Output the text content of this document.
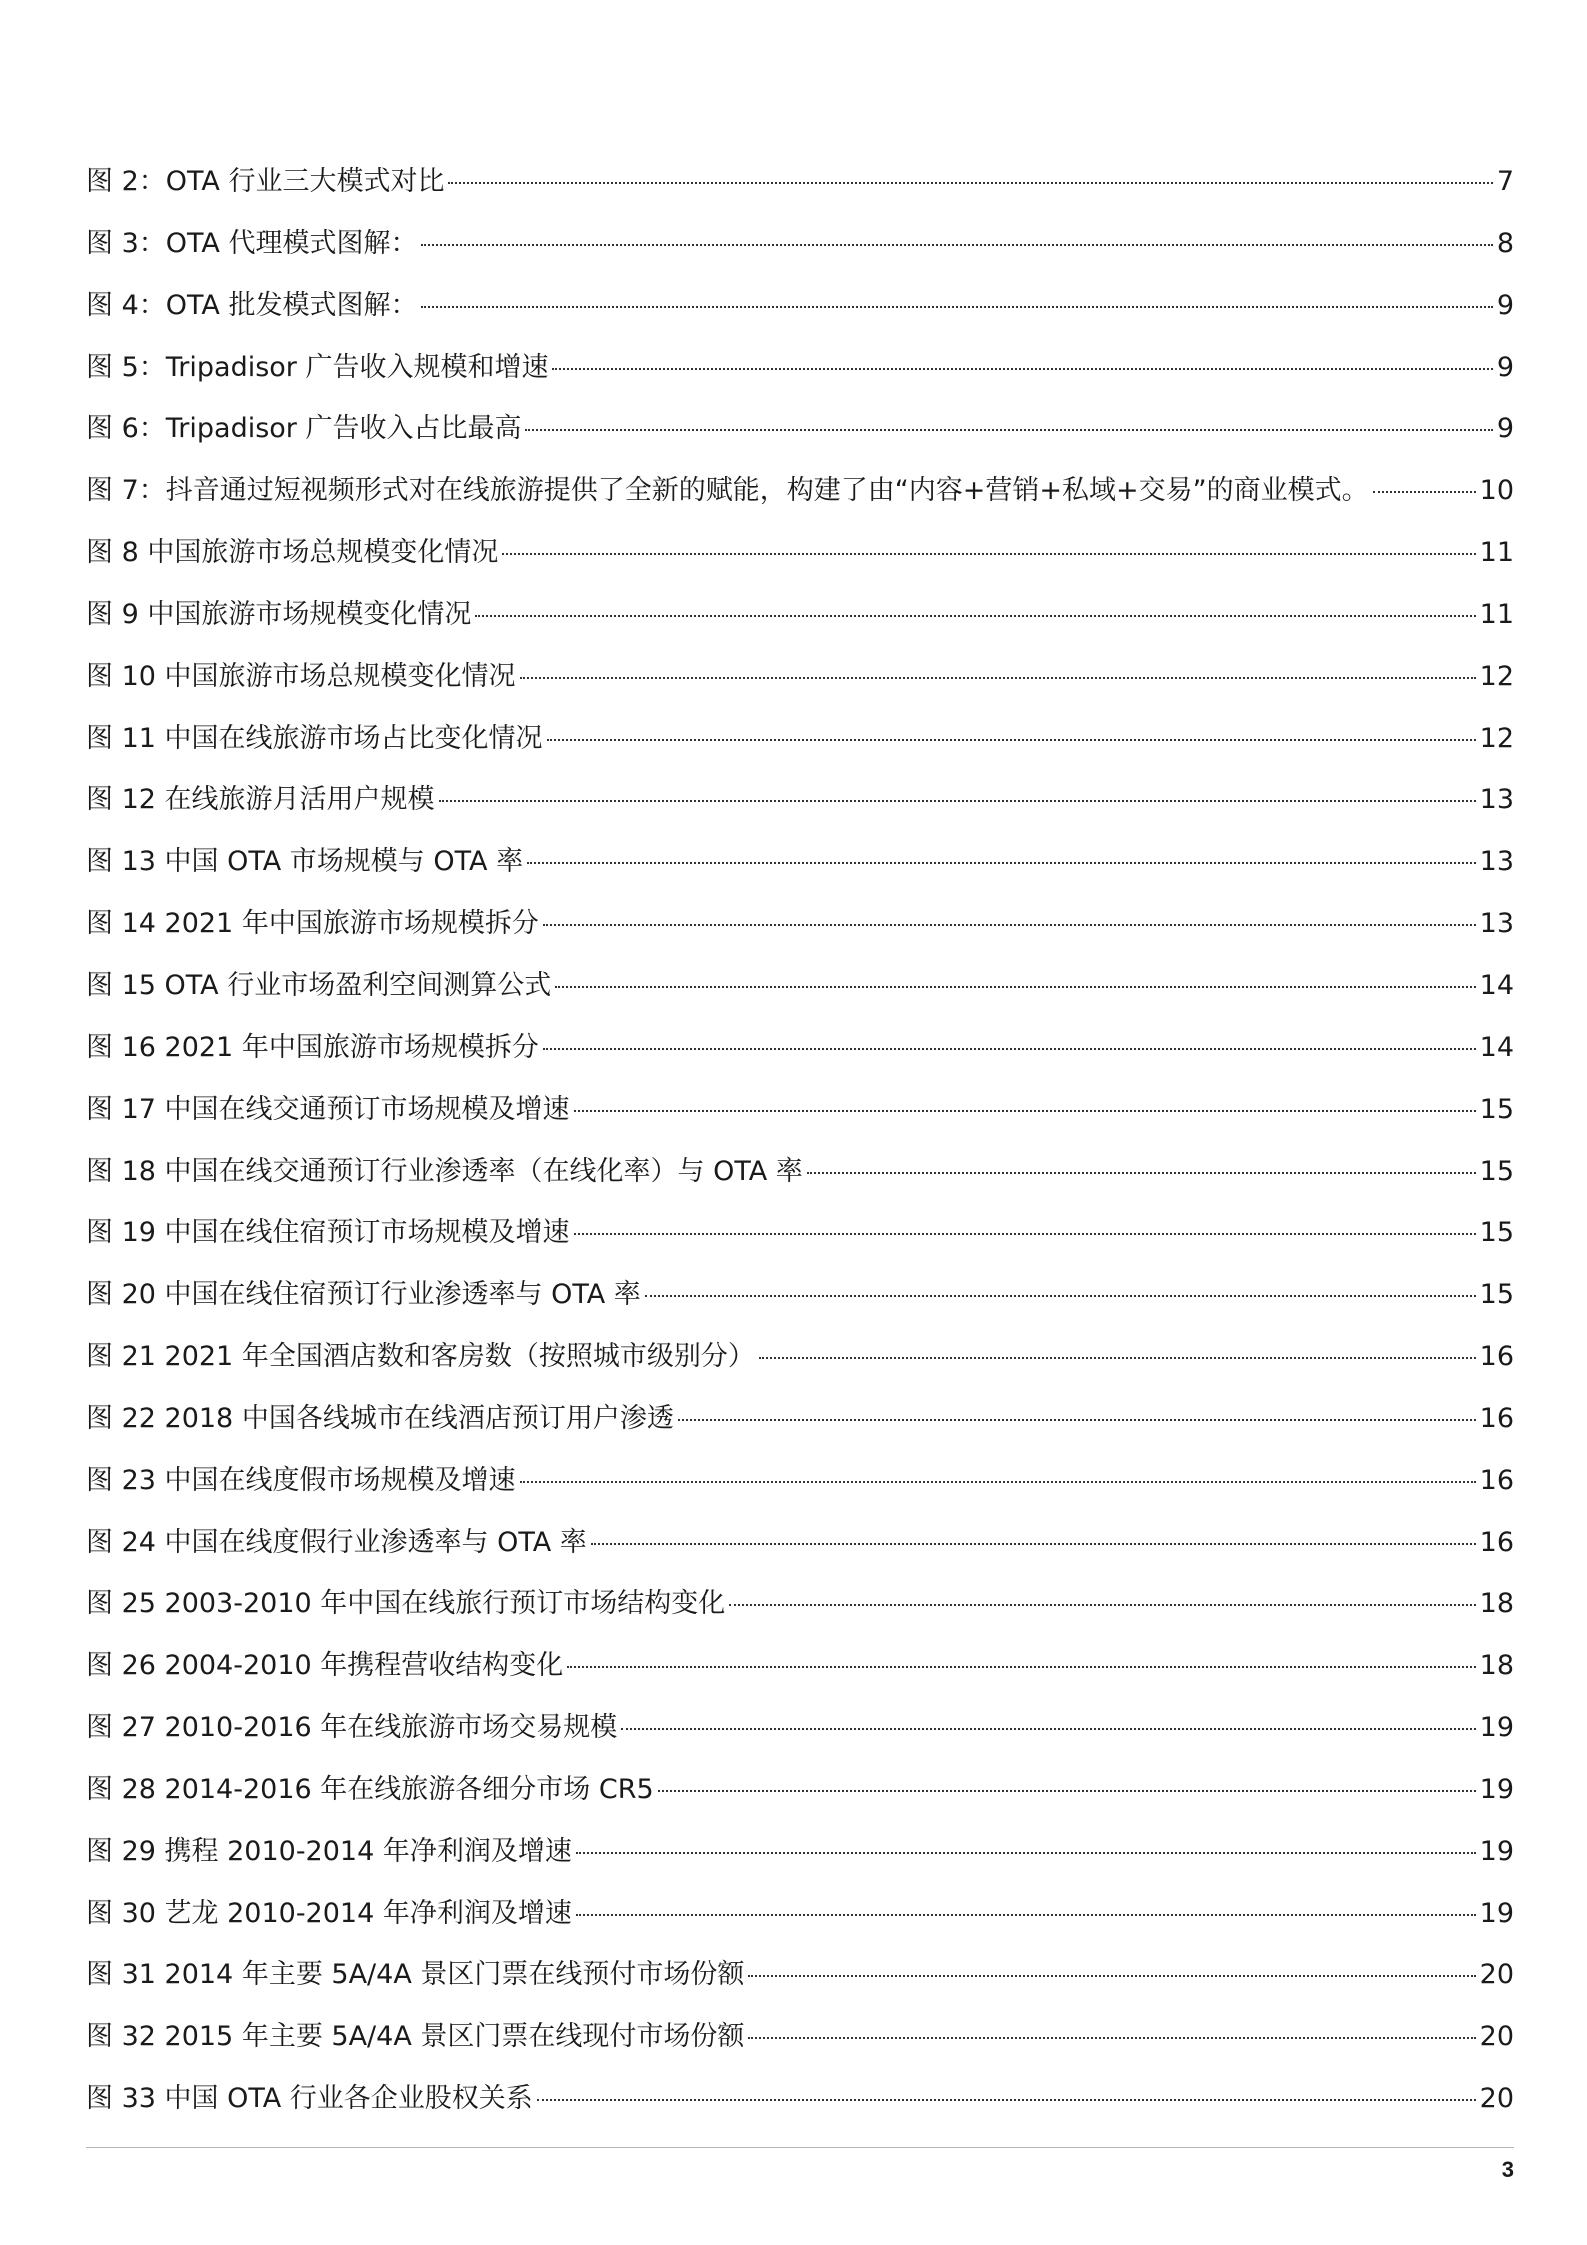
图 2：OTA 行业三大模式对比	7
图 3：OTA 代理模式图解：	8
图 4：OTA 批发模式图解：	9
图 5：Tripadisor 广告收入规模和增速	9
图 6：Tripadisor 广告收入占比最高	9
图 7：抖音通过短视频形式对在线旅游提供了全新的赋能，构建了由“内容+营销+私域+交易”的商业模式。	10
图 8 中国旅游市场总规模变化情况	11
图 9 中国旅游市场规模变化情况	11
图 10 中国旅游市场总规模变化情况	12
图 11 中国在线旅游市场占比变化情况	12
图 12 在线旅游月活用户规模	13
图 13 中国 OTA 市场规模与 OTA 率	13
图 14 2021 年中国旅游市场规模拆分	13
图 15 OTA 行业市场盈利空间测算公式	14
图 16 2021 年中国旅游市场规模拆分	14
图 17 中国在线交通预订市场规模及增速	15
图 18 中国在线交通预订行业渗透率（在线化率）与 OTA 率	15
图 19 中国在线住宿预订市场规模及增速	15
图 20 中国在线住宿预订行业渗透率与 OTA 率	15
图 21 2021 年全国酒店数和客房数（按照城市级别分）	16
图 22 2018 中国各线城市在线酒店预订用户渗透	16
图 23 中国在线度假市场规模及增速	16
图 24 中国在线度假行业渗透率与 OTA 率	16
图 25 2003-2010 年中国在线旅行预订市场结构变化	18
图 26 2004-2010 年携程营收结构变化	18
图 27 2010-2016 年在线旅游市场交易规模	19
图 28 2014-2016 年在线旅游各细分市场 CR5	19
图 29 携程 2010-2014 年净利润及增速	19
图 30 艺龙 2010-2014 年净利润及增速	19
图 31 2014 年主要 5A/4A 景区门票在线预付市场份额	20
图 32 2015 年主要 5A/4A 景区门票在线现付市场份额	20
图 33 中国 OTA 行业各企业股权关系	20
3
